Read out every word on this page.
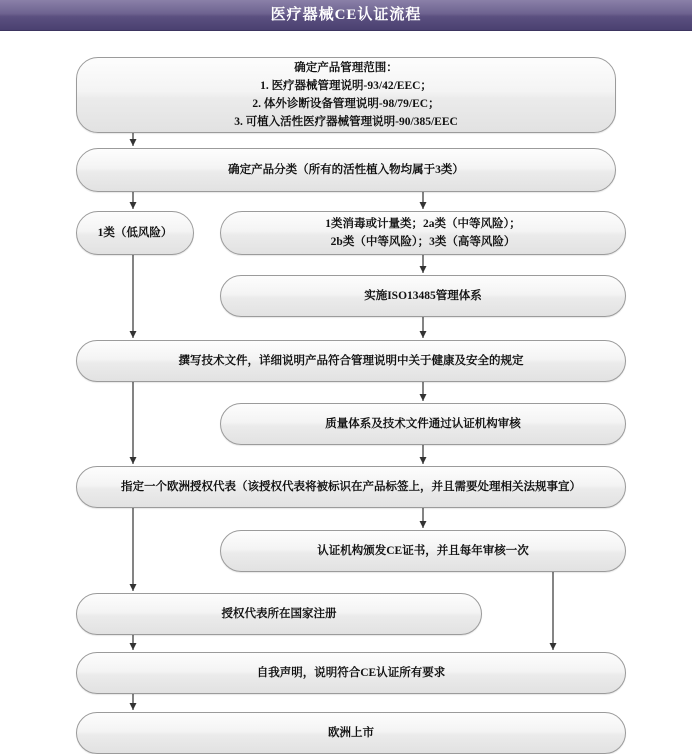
医疗器械CE认证流程
确定产品管理范围：
1. 医疗器械管理说明-93/42/EEC；
2. 体外诊断设备管理说明-98/79/EC；
3. 可植入活性医疗器械管理说明-90/385/EEC
确定产品分类（所有的活性植入物均属于3类）
1类（低风险）
1类消毒或计量类；2a类（中等风险）；
2b类（中等风险）；3类（高等风险）
实施ISO13485管理体系
撰写技术文件，详细说明产品符合管理说明中关于健康及安全的规定
质量体系及技术文件通过认证机构审核
指定一个欧洲授权代表（该授权代表将被标识在产品标签上，并且需要处理相关法规事宜）
认证机构颁发CE证书，并且每年审核一次
授权代表所在国家注册
自我声明，说明符合CE认证所有要求
欧洲上市
